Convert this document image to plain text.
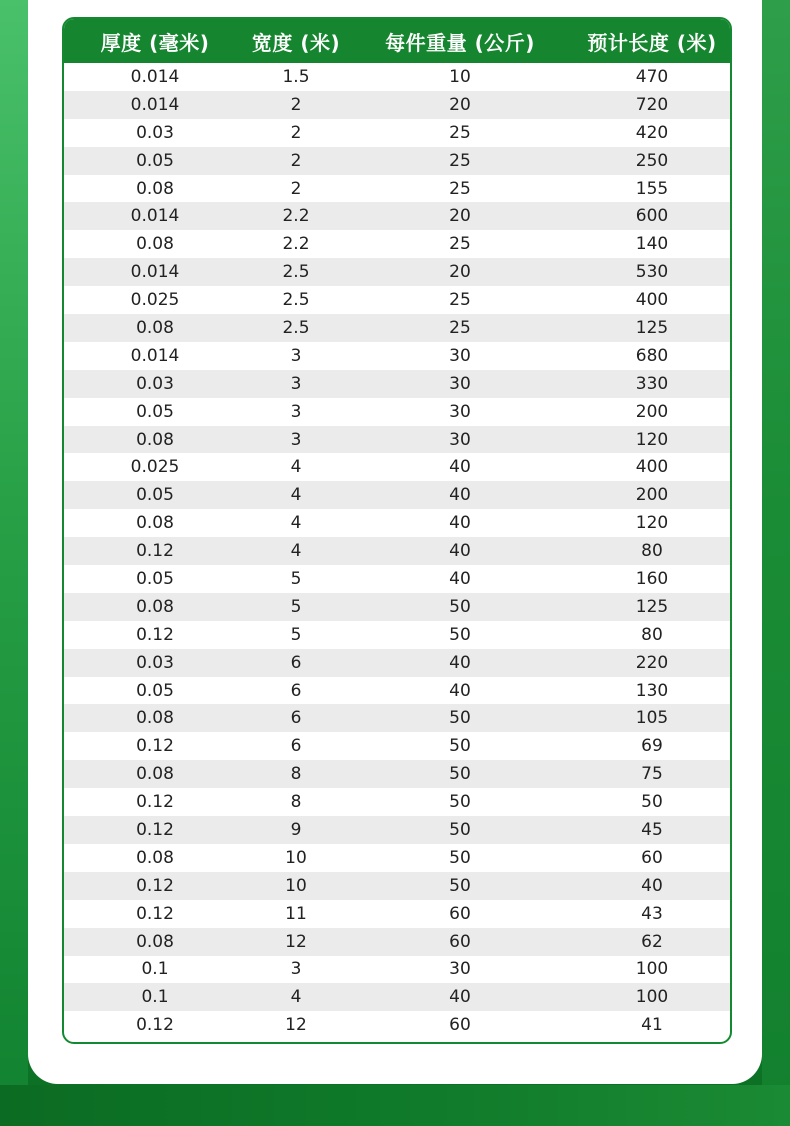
厚度 (毫米)	宽度 (米)	每件重量 (公斤)	预计长度 (米)
0.014	1.5	10	470
0.014	2	20	720
0.03	2	25	420
0.05	2	25	250
0.08	2	25	155
0.014	2.2	20	600
0.08	2.2	25	140
0.014	2.5	20	530
0.025	2.5	25	400
0.08	2.5	25	125
0.014	3	30	680
0.03	3	30	330
0.05	3	30	200
0.08	3	30	120
0.025	4	40	400
0.05	4	40	200
0.08	4	40	120
0.12	4	40	80
0.05	5	40	160
0.08	5	50	125
0.12	5	50	80
0.03	6	40	220
0.05	6	40	130
0.08	6	50	105
0.12	6	50	69
0.08	8	50	75
0.12	8	50	50
0.12	9	50	45
0.08	10	50	60
0.12	10	50	40
0.12	11	60	43
0.08	12	60	62
0.1	3	30	100
0.1	4	40	100
0.12	12	60	41
